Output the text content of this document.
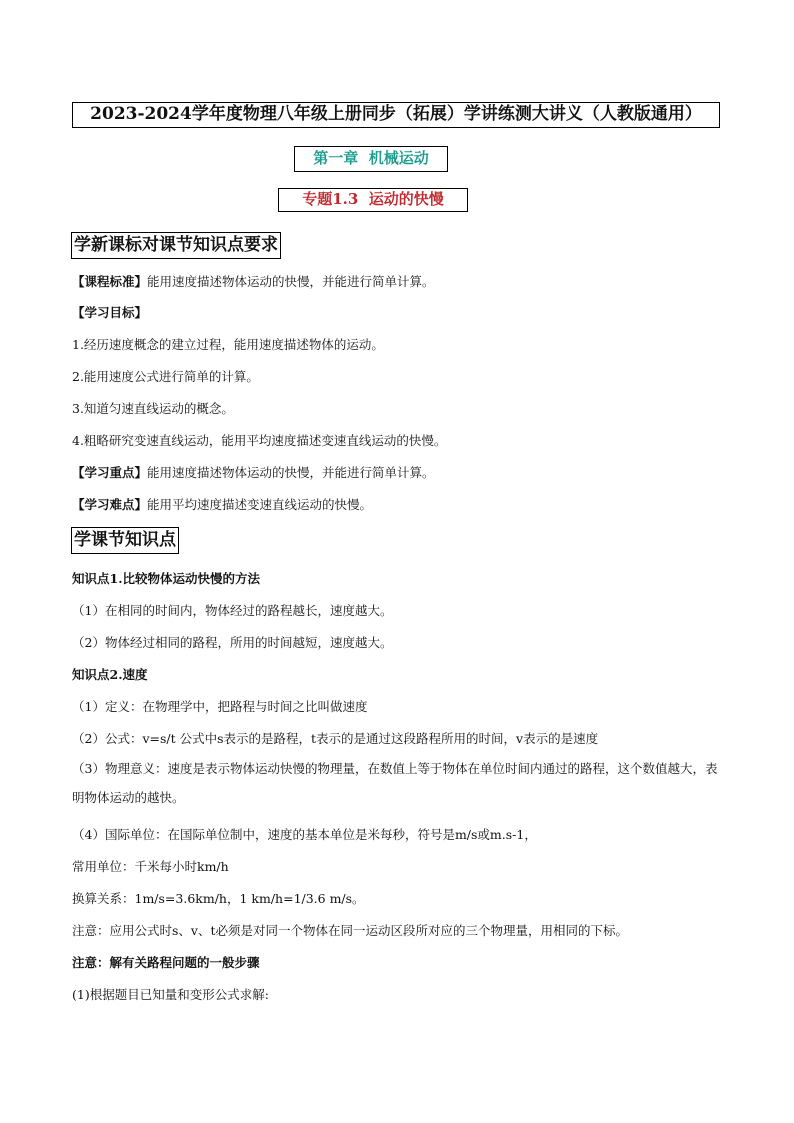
2023-2024学年度物理八年级上册同步（拓展）学讲练测大讲义（人教版通用）
第一章  机械运动
专题1.3  运动的快慢
学新课标对课节知识点要求
【课程标准】能用速度描述物体运动的快慢，并能进行简单计算。
【学习目标】
1.经历速度概念的建立过程，能用速度描述物体的运动。
2.能用速度公式进行简单的计算。
3.知道匀速直线运动的概念。
4.粗略研究变速直线运动，能用平均速度描述变速直线运动的快慢。
【学习重点】能用速度描述物体运动的快慢，并能进行简单计算。
【学习难点】能用平均速度描述变速直线运动的快慢。
学课节知识点
知识点1.比较物体运动快慢的方法
（1）在相同的时间内，物体经过的路程越长，速度越大。
（2）物体经过相同的路程，所用的时间越短，速度越大。
知识点2.速度
（1）定义：在物理学中，把路程与时间之比叫做速度
（2）公式：v=s/t 公式中s表示的是路程，t表示的是通过这段路程所用的时间，v表示的是速度
（3）物理意义：速度是表示物体运动快慢的物理量，在数值上等于物体在单位时间内通过的路程，这个数值越大，表明物体运动的越快。
（4）国际单位：在国际单位制中，速度的基本单位是米每秒，符号是m/s或m.s-1，
常用单位：千米每小时km/h
换算关系：1m/s=3.6km/h，1 km/h=1/3.6 m/s。
注意：应用公式时s、v、t必须是对同一个物体在同一运动区段所对应的三个物理量，用相同的下标。
注意：解有关路程问题的一般步骤
(1)根据题目已知量和变形公式求解:
